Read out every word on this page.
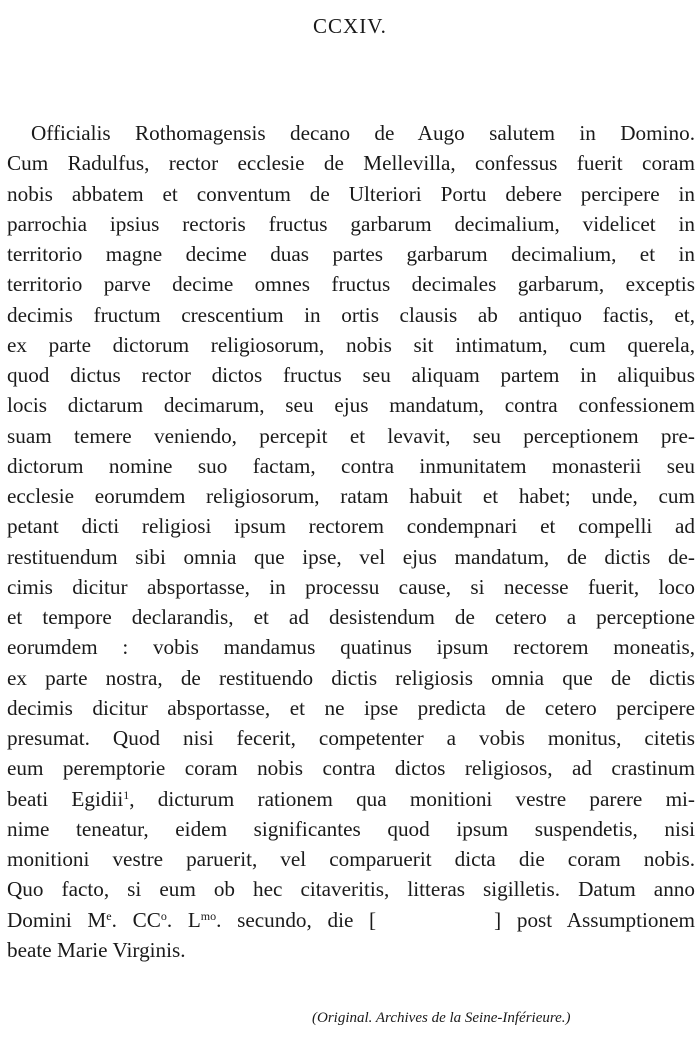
CCXIV.
Officialis Rothomagensis decano de Augo salutem in Domino.
Cum Radulfus, rector ecclesie de Mellevilla, confessus fuerit coram
nobis abbatem et conventum de Ulteriori Portu debere percipere in
parrochia ipsius rectoris fructus garbarum decimalium, videlicet in
territorio magne decime duas partes garbarum decimalium, et in
territorio parve decime omnes fructus decimales garbarum, exceptis
decimis fructum crescentium in ortis clausis ab antiquo factis, et,
ex parte dictorum religiosorum, nobis sit intimatum, cum querela,
quod dictus rector dictos fructus seu aliquam partem in aliquibus
locis dictarum decimarum, seu ejus mandatum, contra confessionem
suam temere veniendo, percepit et levavit, seu perceptionem pre-
dictorum nomine suo factam, contra inmunitatem monasterii seu
ecclesie eorumdem religiosorum, ratam habuit et habet; unde, cum
petant dicti religiosi ipsum rectorem condempnari et compelli ad
restituendum sibi omnia que ipse, vel ejus mandatum, de dictis de-
cimis dicitur absportasse, in processu cause, si necesse fuerit, loco
et tempore declarandis, et ad desistendum de cetero a perceptione
eorumdem : vobis mandamus quatinus ipsum rectorem moneatis,
ex parte nostra, de restituendo dictis religiosis omnia que de dictis
decimis dicitur absportasse, et ne ipse predicta de cetero percipere
presumat. Quod nisi fecerit, competenter a vobis monitus, citetis
eum peremptorie coram nobis contra dictos religiosos, ad crastinum
beati Egidii$^1$, dicturum rationem qua monitioni vestre parere mi-
nime teneatur, eidem significantes quod ipsum suspendetis, nisi
monitioni vestre paruerit, vel comparuerit dicta die coram nobis.
Quo facto, si eum ob hec citaveritis, litteras sigilletis. Datum anno
Domini Me. $CC^o$. $L^{mo}$. secundo, die [	] post Assumptionem
beate Marie Virginis.
(Original. Archives de la Seine-Inférieure.)
